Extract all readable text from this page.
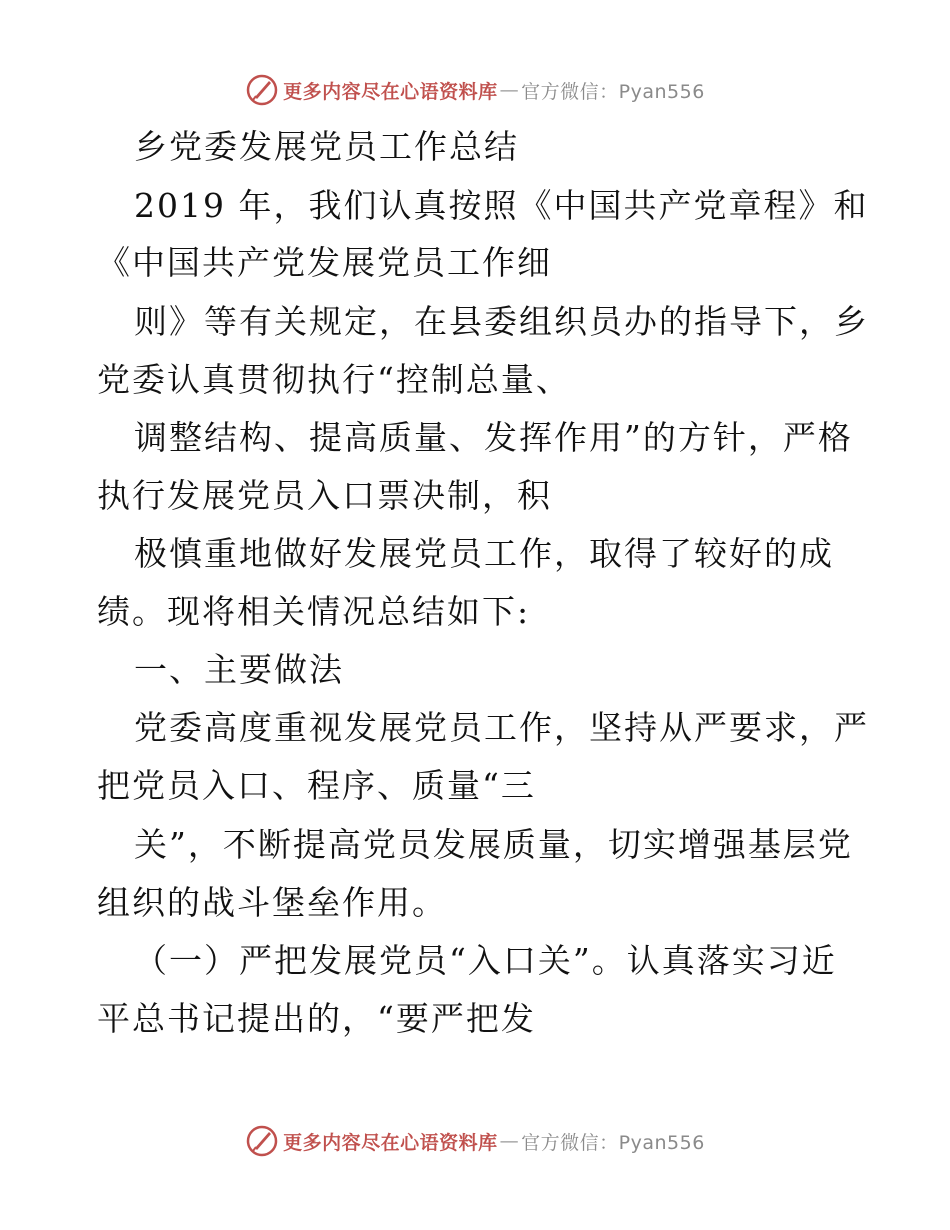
更多内容尽在心语资料库 — 官方微信：Pyan556
乡党委发展党员工作总结
2019 年，我们认真按照《中国共产党章程》和
《中国共产党发展党员工作细
则》等有关规定，在县委组织员办的指导下，乡
党委认真贯彻执行“控制总量、
调整结构、提高质量、发挥作用”的方针，严格
执行发展党员入口票决制，积
极慎重地做好发展党员工作，取得了较好的成
绩。现将相关情况总结如下:
一、主要做法
党委高度重视发展党员工作，坚持从严要求，严
把党员入口、程序、质量“三
关”，不断提高党员发展质量，切实增强基层党
组织的战斗堡垒作用。
（一）严把发展党员“入口关”。认真落实习近
平总书记提出的，“要严把发
更多内容尽在心语资料库 — 官方微信：Pyan556
